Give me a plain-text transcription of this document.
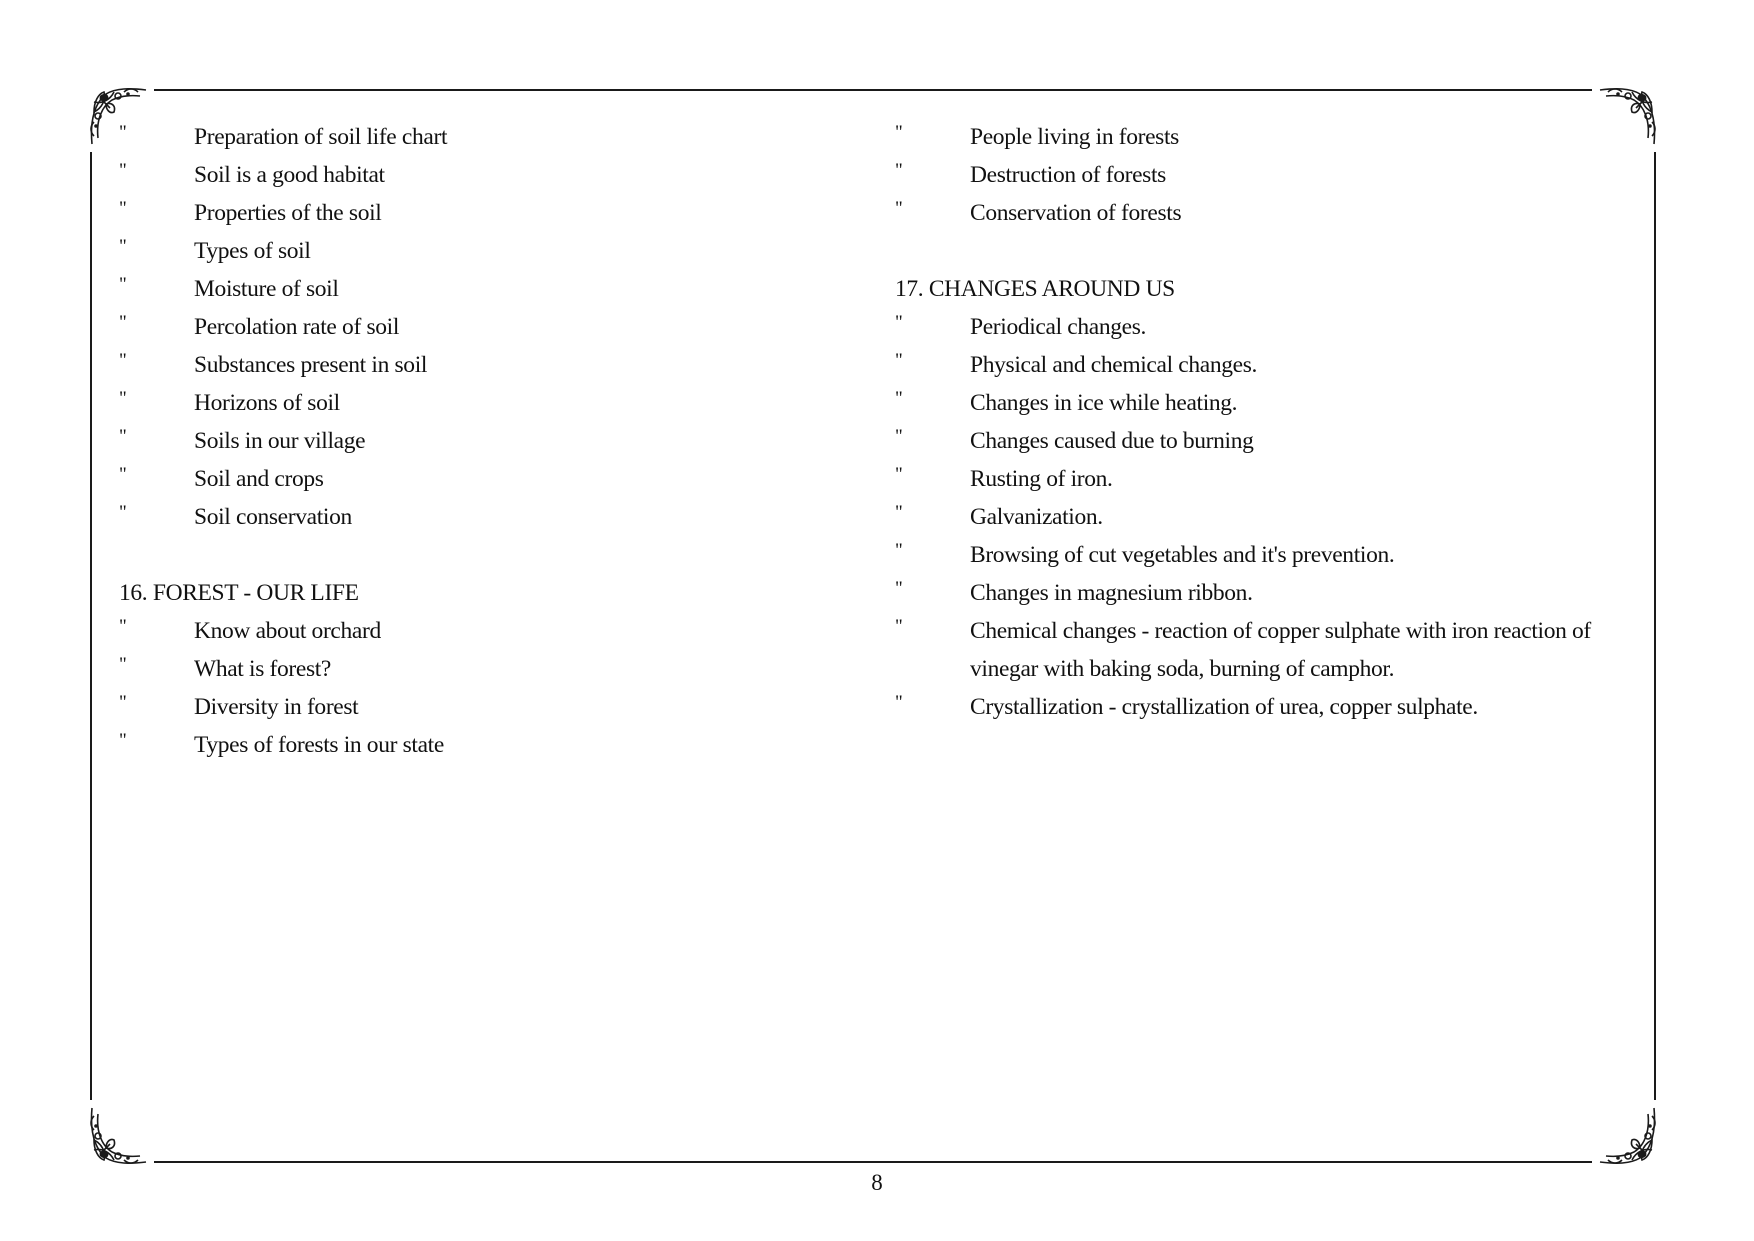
"	Preparation of soil life chart
"	Soil is a good habitat
"	Properties of the soil
"	Types of soil
"	Moisture of soil
"	Percolation rate of soil
"	Substances present in soil
"	Horizons of soil
"	Soils in our village
"	Soil and crops
"	Soil conservation
16. FOREST - OUR LIFE
"	Know about orchard
"	What is forest?
"	Diversity in forest
"	Types of forests in our state
"	People living in forests
"	Destruction of forests
"	Conservation of forests
17. CHANGES AROUND US
"	Periodical changes.
"	Physical and chemical changes.
"	Changes in ice while heating.
"	Changes caused due to burning
"	Rusting of iron.
"	Galvanization.
"	Browsing of cut vegetables and it's prevention.
"	Changes in magnesium ribbon.
"	Chemical changes - reaction of copper sulphate with iron reaction of vinegar with baking soda, burning of camphor.
"	Crystallization - crystallization of urea, copper sulphate.
8
